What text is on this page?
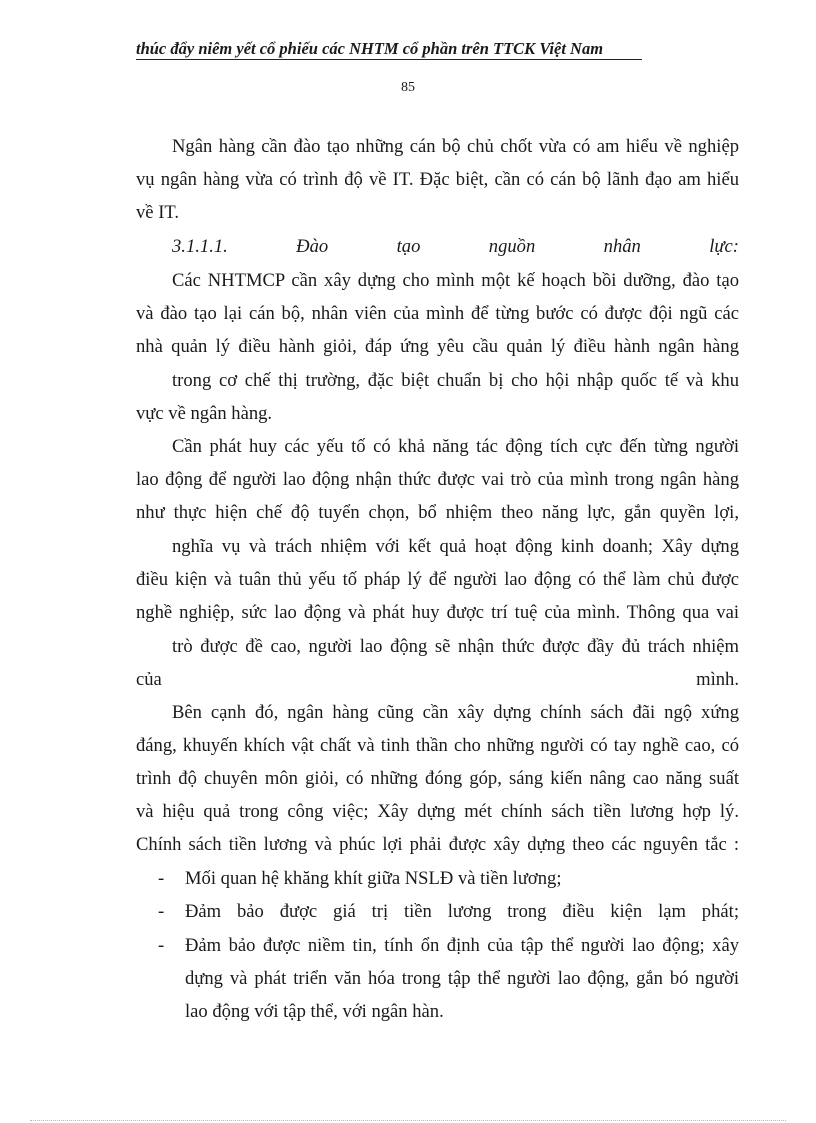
thúc đẩy niêm yết cổ phiếu các NHTM cổ phần trên TTCK Việt Nam
85
Ngân hàng cần đào tạo những cán bộ chủ chốt vừa có am hiểu về nghiệp
vụ ngân hàng vừa có trình độ về IT. Đặc biệt, cần có cán bộ lãnh đạo am hiểu
về IT.
3.1.1.1. Đào tạo nguồn nhân lực:
Các NHTMCP cần xây dựng cho mình một kế hoạch bồi dưỡng, đào tạo
và đào tạo lại cán bộ, nhân viên của mình để từng bước có được đội ngũ các
nhà quản lý điều hành giỏi, đáp ứng yêu cầu quản lý điều hành ngân hàng
trong cơ chế thị trường, đặc biệt chuẩn bị cho hội nhập quốc tế và khu
vực về ngân hàng.
Cần phát huy các yếu tố có khả năng tác động tích cực đến từng người
lao động để người lao động nhận thức được vai trò của mình trong ngân hàng
như thực hiện chế độ tuyển chọn, bổ nhiệm theo năng lực, gắn quyền lợi,
nghĩa vụ và trách nhiệm với kết quả hoạt động kinh doanh; Xây dựng
điều kiện và tuân thủ yếu tố pháp lý để người lao động có thể làm chủ được
nghề nghiệp, sức lao động và phát huy được trí tuệ của mình. Thông qua vai
trò được đề cao, người lao động sẽ nhận thức được đầy đủ trách nhiệm
của mình.
Bên cạnh đó, ngân hàng cũng cần xây dựng chính sách đãi ngộ xứng
đáng, khuyến khích vật chất và tinh thần cho những người có tay nghề cao, có
trình độ chuyên môn giỏi, có những đóng góp, sáng kiến nâng cao năng suất
và hiệu quả trong công việc; Xây dựng mét chính sách tiền lương hợp lý.
Chính sách tiền lương và phúc lợi phải được xây dựng theo các nguyên tắc :
- Mối quan hệ khăng khít giữa NSLĐ và tiền lương;
- Đảm bảo được giá trị tiền lương trong điều kiện lạm phát;
- Đảm bảo được niềm tin, tính ổn định của tập thể người lao động; xây
dựng và phát triển văn hóa trong tập thể người lao động, gắn bó người
lao động với tập thể, với ngân hàn.
